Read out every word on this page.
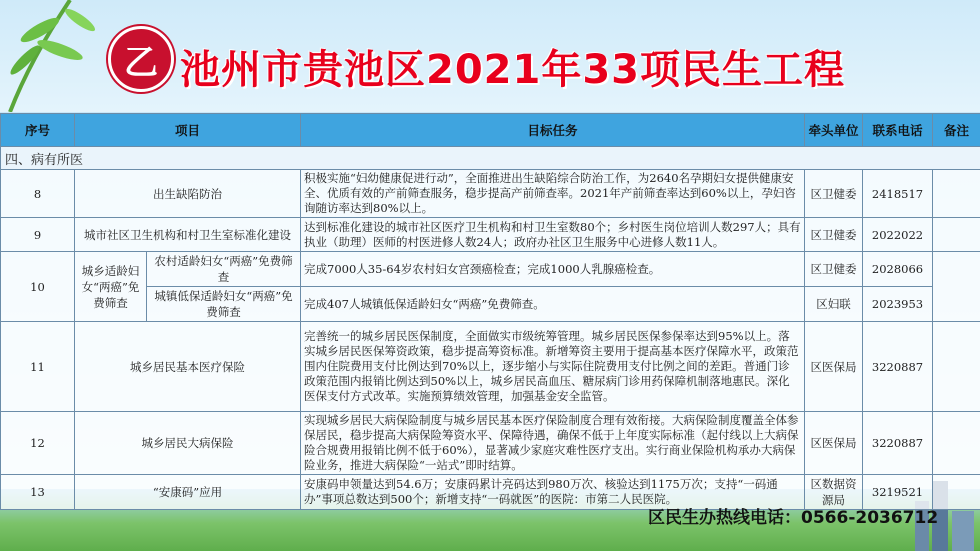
乙 池州市贵池区2021年33项民生工程
序号	项目		目标任务	牵头单位	联系电话	备注
四、病有所医						
8	出生缺陷防治		积极实施“妇幼健康促进行动”，全面推进出生缺陷综合防治工作，为2640名孕期妇女提供健康安全、优质有效的产前筛查服务，稳步提高产前筛查率。2021年产前筛查率达到60%以上，孕妇咨询随访率达到80%以上。	区卫健委	2418517	
9	城市社区卫生机构和村卫生室标准化建设		达到标准化建设的城市社区医疗卫生机构和村卫生室数80个；乡村医生岗位培训人数297人；具有执业（助理）医师的村医进修人数24人；政府办社区卫生服务中心进修人数11人。	区卫健委	2022022	
10	城乡适龄妇女“两癌”免费筛查	农村适龄妇女“两癌”免费筛查	完成7000人35-64岁农村妇女宫颈癌检查；完成1000人乳腺癌检查。	区卫健委	2028066	
		城镇低保适龄妇女“两癌”免费筛查	完成407人城镇低保适龄妇女“两癌”免费筛查。	区妇联	2023953	
11	城乡居民基本医疗保险		完善统一的城乡居民医保制度，全面做实市级统筹管理。城乡居民医保参保率达到95%以上。落实城乡居民医保筹资政策，稳步提高筹资标准。新增筹资主要用于提高基本医疗保障水平，政策范围内住院费用支付比例达到70%以上，逐步缩小与实际住院费用支付比例之间的差距。普通门诊政策范围内报销比例达到50%以上，城乡居民高血压、糖尿病门诊用药保障机制落地惠民。深化医保支付方式改革。实施预算绩效管理，加强基金安全监管。	区医保局	3220887	
12	城乡居民大病保险		实现城乡居民大病保险制度与城乡居民基本医疗保险制度合理有效衔接。大病保险制度覆盖全体参保居民，稳步提高大病保险筹资水平、保障待遇，确保不低于上年度实际标准（起付线以上大病保险合规费用报销比例不低于60%），显著减少家庭灾难性医疗支出。实行商业保险机构承办大病保险业务，推进大病保险“一站式”即时结算。	区医保局	3220887	
13	“安康码”应用		安康码申领量达到54.6万；安康码累计亮码达到980万次、核验达到1175万次；支持“一码通办”事项总数达到500个；新增支持“一码就医”的医院：市第二人民医院。	区数据资源局	3219521	
区民生办热线电话：0566-2036712
